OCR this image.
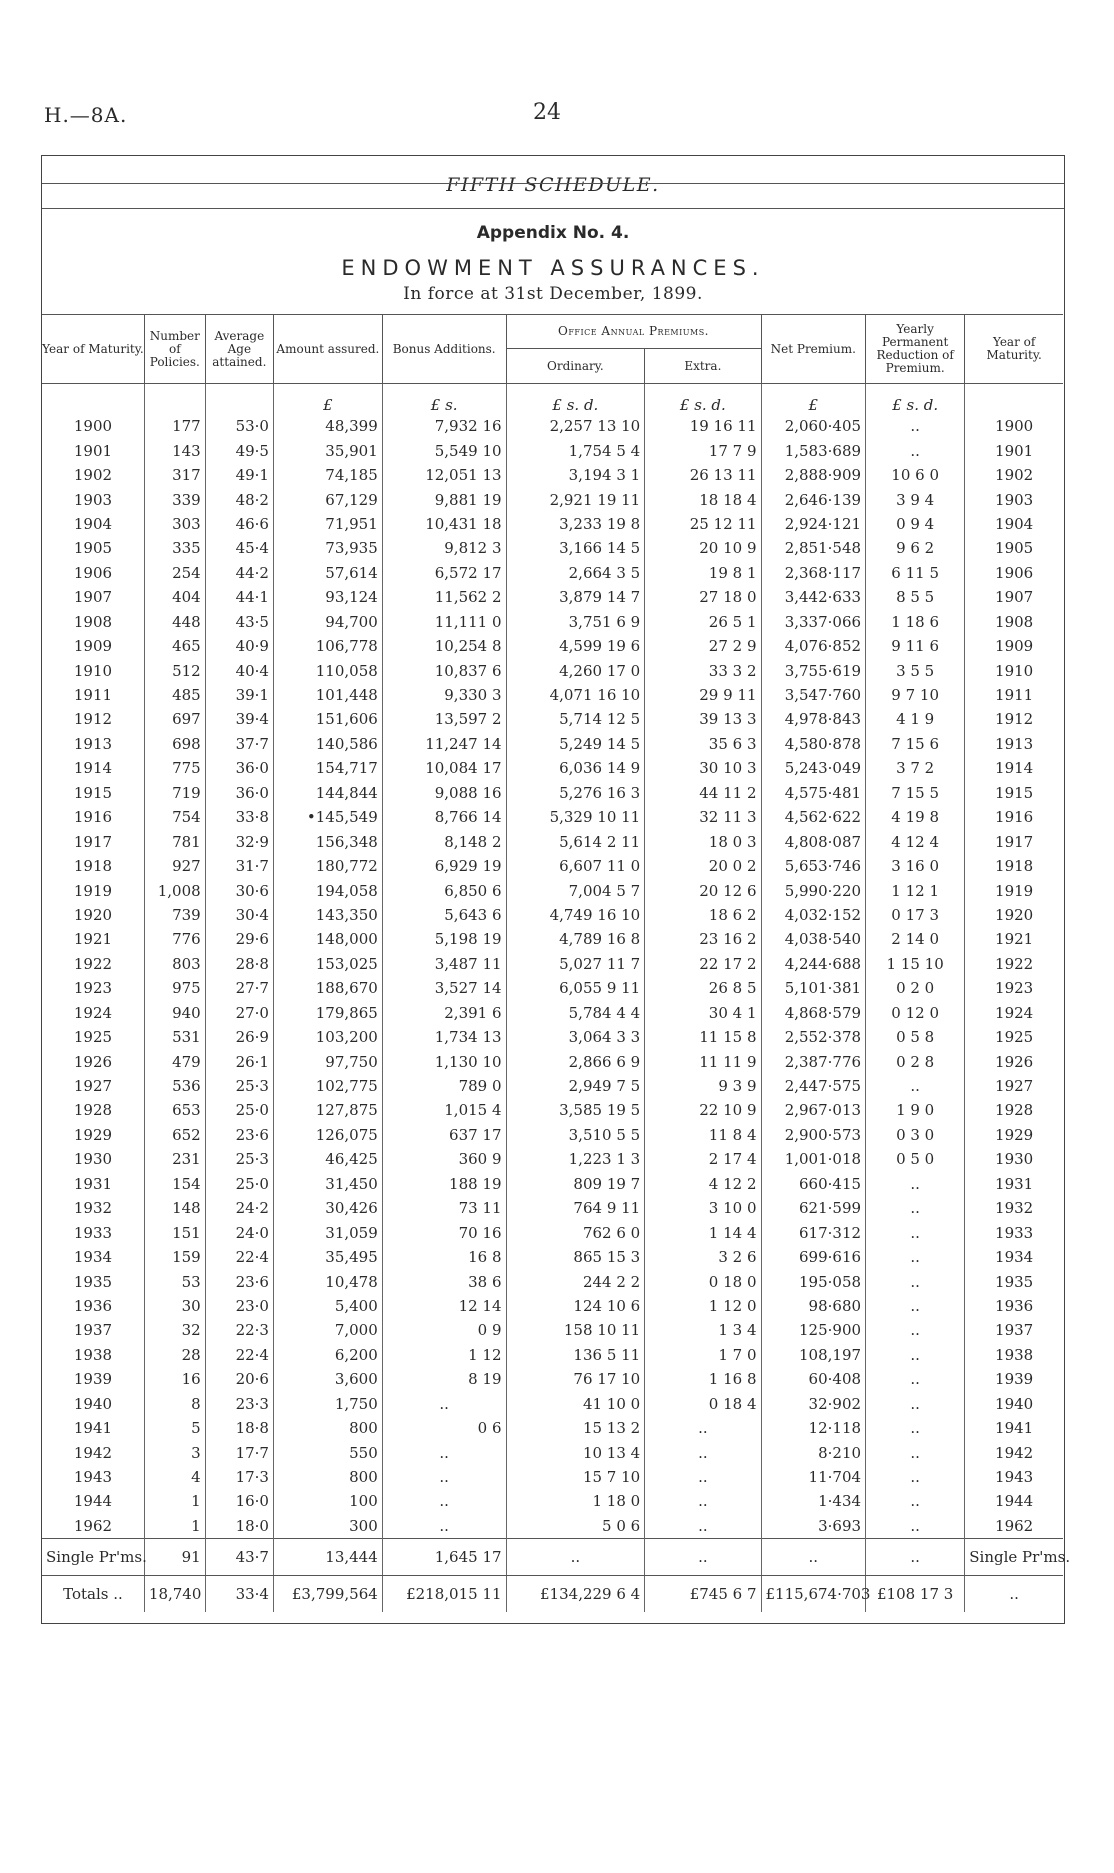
H.—8A.	24
FIFTH SCHEDULE.
Appendix No. 4.
ENDOWMENT ASSURANCES.
In force at 31st December, 1899.
Year of Maturity.	Number of Policies.	Average Age attained.	Amount assured.	Bonus Additions.	Office Annual Premiums.		Net Premium.	Yearly Permanent Reduction of Premium.	Year of Maturity.
					Ordinary.	Extra.			
			£	£ s.	£ s. d.	£ s. d.	£	£ s. d.	
1900	177	53·0	48,399	7,932 16	2,257 13 10	19 16 11	2,060·405	..	1900
1901	143	49·5	35,901	5,549 10	1,754 5 4	17 7 9	1,583·689	..	1901
1902	317	49·1	74,185	12,051 13	3,194 3 1	26 13 11	2,888·909	10 6 0	1902
1903	339	48·2	67,129	9,881 19	2,921 19 11	18 18 4	2,646·139	3 9 4	1903
1904	303	46·6	71,951	10,431 18	3,233 19 8	25 12 11	2,924·121	0 9 4	1904
1905	335	45·4	73,935	9,812 3	3,166 14 5	20 10 9	2,851·548	9 6 2	1905
1906	254	44·2	57,614	6,572 17	2,664 3 5	19 8 1	2,368·117	6 11 5	1906
1907	404	44·1	93,124	11,562 2	3,879 14 7	27 18 0	3,442·633	8 5 5	1907
1908	448	43·5	94,700	11,111 0	3,751 6 9	26 5 1	3,337·066	1 18 6	1908
1909	465	40·9	106,778	10,254 8	4,599 19 6	27 2 9	4,076·852	9 11 6	1909
1910	512	40·4	110,058	10,837 6	4,260 17 0	33 3 2	3,755·619	3 5 5	1910
1911	485	39·1	101,448	9,330 3	4,071 16 10	29 9 11	3,547·760	9 7 10	1911
1912	697	39·4	151,606	13,597 2	5,714 12 5	39 13 3	4,978·843	4 1 9	1912
1913	698	37·7	140,586	11,247 14	5,249 14 5	35 6 3	4,580·878	7 15 6	1913
1914	775	36·0	154,717	10,084 17	6,036 14 9	30 10 3	5,243·049	3 7 2	1914
1915	719	36·0	144,844	9,088 16	5,276 16 3	44 11 2	4,575·481	7 15 5	1915
1916	754	33·8	•145,549	8,766 14	5,329 10 11	32 11 3	4,562·622	4 19 8	1916
1917	781	32·9	156,348	8,148 2	5,614 2 11	18 0 3	4,808·087	4 12 4	1917
1918	927	31·7	180,772	6,929 19	6,607 11 0	20 0 2	5,653·746	3 16 0	1918
1919	1,008	30·6	194,058	6,850 6	7,004 5 7	20 12 6	5,990·220	1 12 1	1919
1920	739	30·4	143,350	5,643 6	4,749 16 10	18 6 2	4,032·152	0 17 3	1920
1921	776	29·6	148,000	5,198 19	4,789 16 8	23 16 2	4,038·540	2 14 0	1921
1922	803	28·8	153,025	3,487 11	5,027 11 7	22 17 2	4,244·688	1 15 10	1922
1923	975	27·7	188,670	3,527 14	6,055 9 11	26 8 5	5,101·381	0 2 0	1923
1924	940	27·0	179,865	2,391 6	5,784 4 4	30 4 1	4,868·579	0 12 0	1924
1925	531	26·9	103,200	1,734 13	3,064 3 3	11 15 8	2,552·378	0 5 8	1925
1926	479	26·1	97,750	1,130 10	2,866 6 9	11 11 9	2,387·776	0 2 8	1926
1927	536	25·3	102,775	789 0	2,949 7 5	9 3 9	2,447·575	..	1927
1928	653	25·0	127,875	1,015 4	3,585 19 5	22 10 9	2,967·013	1 9 0	1928
1929	652	23·6	126,075	637 17	3,510 5 5	11 8 4	2,900·573	0 3 0	1929
1930	231	25·3	46,425	360 9	1,223 1 3	2 17 4	1,001·018	0 5 0	1930
1931	154	25·0	31,450	188 19	809 19 7	4 12 2	660·415	..	1931
1932	148	24·2	30,426	73 11	764 9 11	3 10 0	621·599	..	1932
1933	151	24·0	31,059	70 16	762 6 0	1 14 4	617·312	..	1933
1934	159	22·4	35,495	16 8	865 15 3	3 2 6	699·616	..	1934
1935	53	23·6	10,478	38 6	244 2 2	0 18 0	195·058	..	1935
1936	30	23·0	5,400	12 14	124 10 6	1 12 0	98·680	..	1936
1937	32	22·3	7,000	0 9	158 10 11	1 3 4	125·900	..	1937
1938	28	22·4	6,200	1 12	136 5 11	1 7 0	108,197	..	1938
1939	16	20·6	3,600	8 19	76 17 10	1 16 8	60·408	..	1939
1940	8	23·3	1,750	..	41 10 0	0 18 4	32·902	..	1940
1941	5	18·8	800	0 6	15 13 2	..	12·118	..	1941
1942	3	17·7	550	..	10 13 4	..	8·210	..	1942
1943	4	17·3	800	..	15 7 10	..	11·704	..	1943
1944	1	16·0	100	..	1 18 0	..	1·434	..	1944
1962	1	18·0	300	..	5 0 6	..	3·693	..	1962
Single Pr'ms.	91	43·7	13,444	1,645 17	..	..	..	..	Single Pr'ms.
Totals ..	18,740	33·4	£3,799,564	£218,015 11	£134,229 6 4	£745 6 7	£115,674·703	£108 17 3	..
